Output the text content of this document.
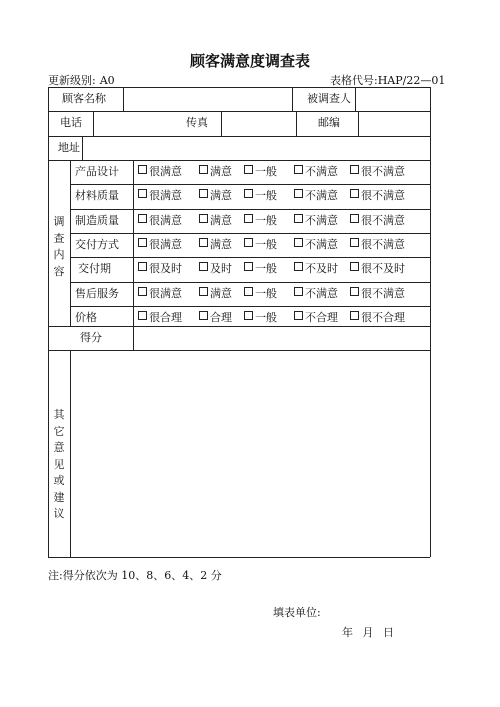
顾客满意度调查表
更新级别: A0	表格代号:HAP/22—01
顾客名称	被调查人
电话	传真	邮编
地址
调查内容
产品设计	很满意	满意	一般	不满意	很不满意
材料质量	很满意	满意	一般	不满意	很不满意
制造质量	很满意	满意	一般	不满意	很不满意
交付方式	很满意	满意	一般	不满意	很不满意
交付期	很及时	及时	一般	不及时	很不及时
售后服务	很满意	满意	一般	不满意	很不满意
价格	很合理	合理	一般	不合理	很不合理
得分
其它意见或建议
注:得分依次为 10、8、6、4、2 分
填表单位:
年 月 日
